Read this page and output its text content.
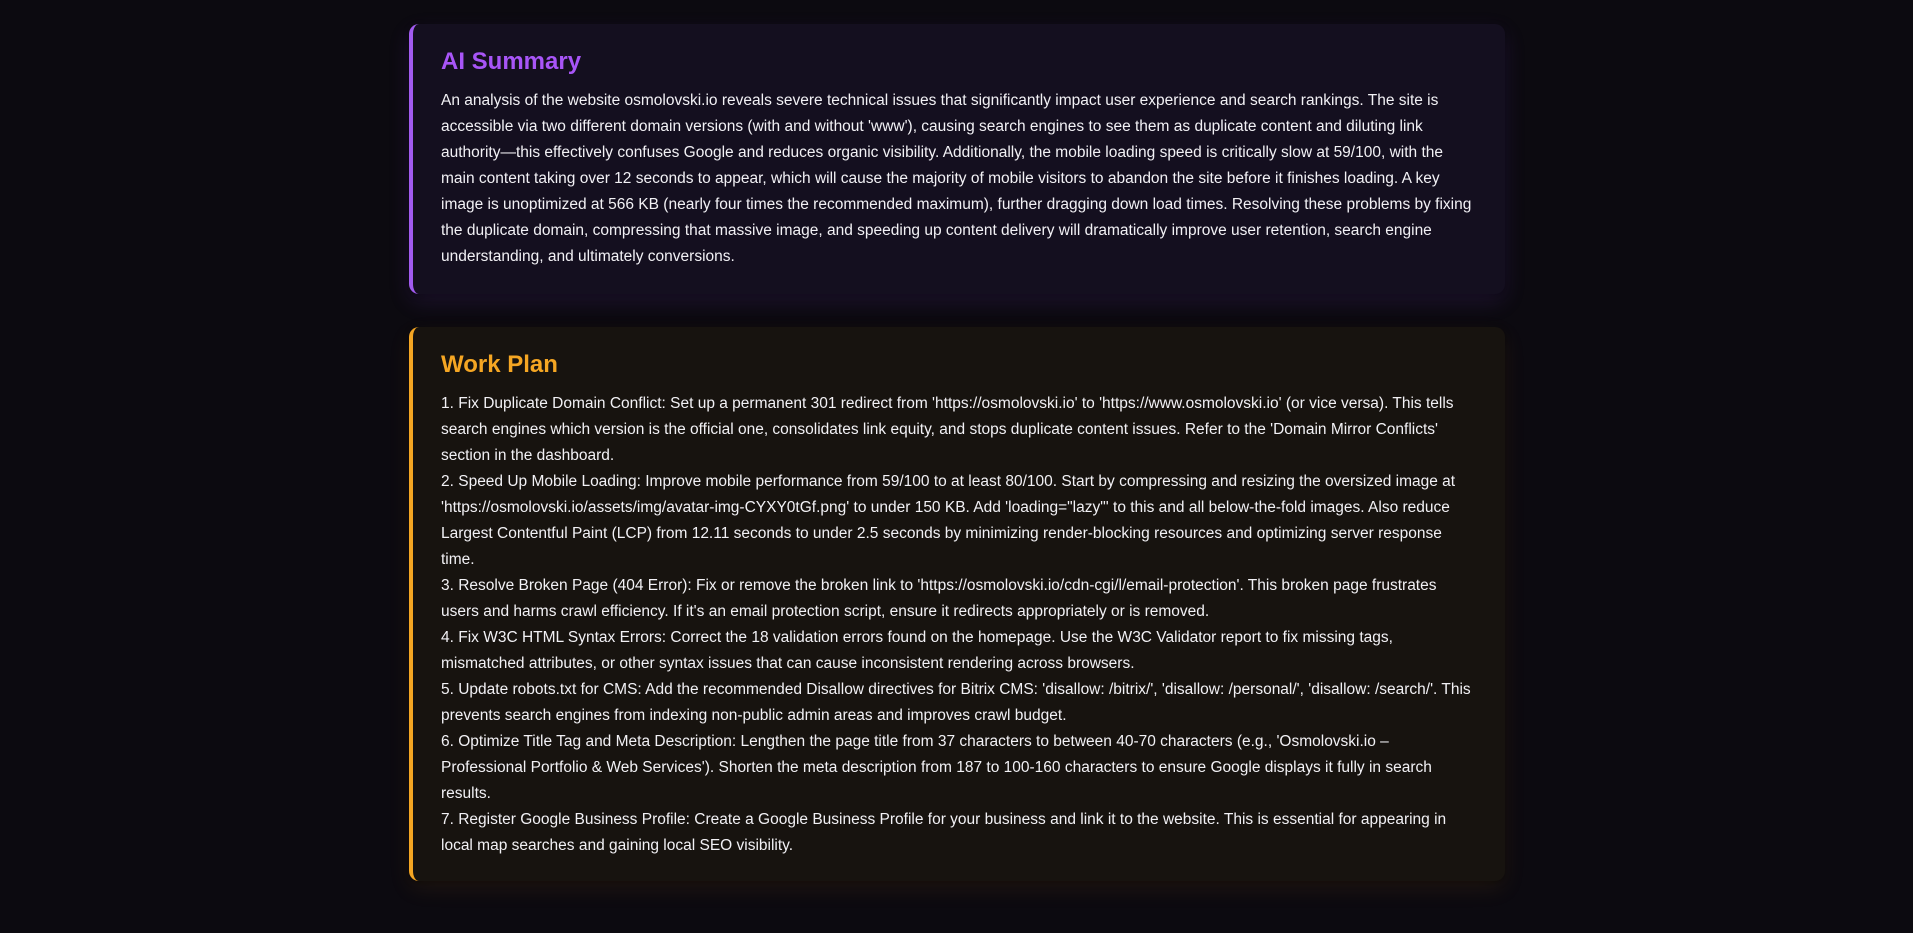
AI Summary

An analysis of the website osmolovski.io reveals severe technical issues that significantly impact user experience and search rankings. The site is accessible via two different domain versions (with and without 'www'), causing search engines to see them as duplicate content and diluting link authority—this effectively confuses Google and reduces organic visibility. Additionally, the mobile loading speed is critically slow at 59/100, with the main content taking over 12 seconds to appear, which will cause the majority of mobile visitors to abandon the site before it finishes loading. A key image is unoptimized at 566 KB (nearly four times the recommended maximum), further dragging down load times. Resolving these problems by fixing the duplicate domain, compressing that massive image, and speeding up content delivery will dramatically improve user retention, search engine understanding, and ultimately conversions.

Work Plan
1. Fix Duplicate Domain Conflict: Set up a permanent 301 redirect from 'https://osmolovski.io' to 'https://www.osmolovski.io' (or vice versa). This tells search engines which version is the official one, consolidates link equity, and stops duplicate content issues. Refer to the 'Domain Mirror Conflicts' section in the dashboard.
2. Speed Up Mobile Loading: Improve mobile performance from 59/100 to at least 80/100. Start by compressing and resizing the oversized image at 'https://osmolovski.io/assets/img/avatar-img-CYXY0tGf.png' to under 150 KB. Add 'loading="lazy"' to this and all below-the-fold images. Also reduce Largest Contentful Paint (LCP) from 12.11 seconds to under 2.5 seconds by minimizing render-blocking resources and optimizing server response time.
3. Resolve Broken Page (404 Error): Fix or remove the broken link to 'https://osmolovski.io/cdn-cgi/l/email-protection'. This broken page frustrates users and harms crawl efficiency. If it's an email protection script, ensure it redirects appropriately or is removed.
4. Fix W3C HTML Syntax Errors: Correct the 18 validation errors found on the homepage. Use the W3C Validator report to fix missing tags, mismatched attributes, or other syntax issues that can cause inconsistent rendering across browsers.
5. Update robots.txt for CMS: Add the recommended Disallow directives for Bitrix CMS: 'disallow: /bitrix/', 'disallow: /personal/', 'disallow: /search/'. This prevents search engines from indexing non-public admin areas and improves crawl budget.
6. Optimize Title Tag and Meta Description: Lengthen the page title from 37 characters to between 40-70 characters (e.g., 'Osmolovski.io – Professional Portfolio & Web Services'). Shorten the meta description from 187 to 100-160 characters to ensure Google displays it fully in search results.
7. Register Google Business Profile: Create a Google Business Profile for your business and link it to the website. This is essential for appearing in local map searches and gaining local SEO visibility.
